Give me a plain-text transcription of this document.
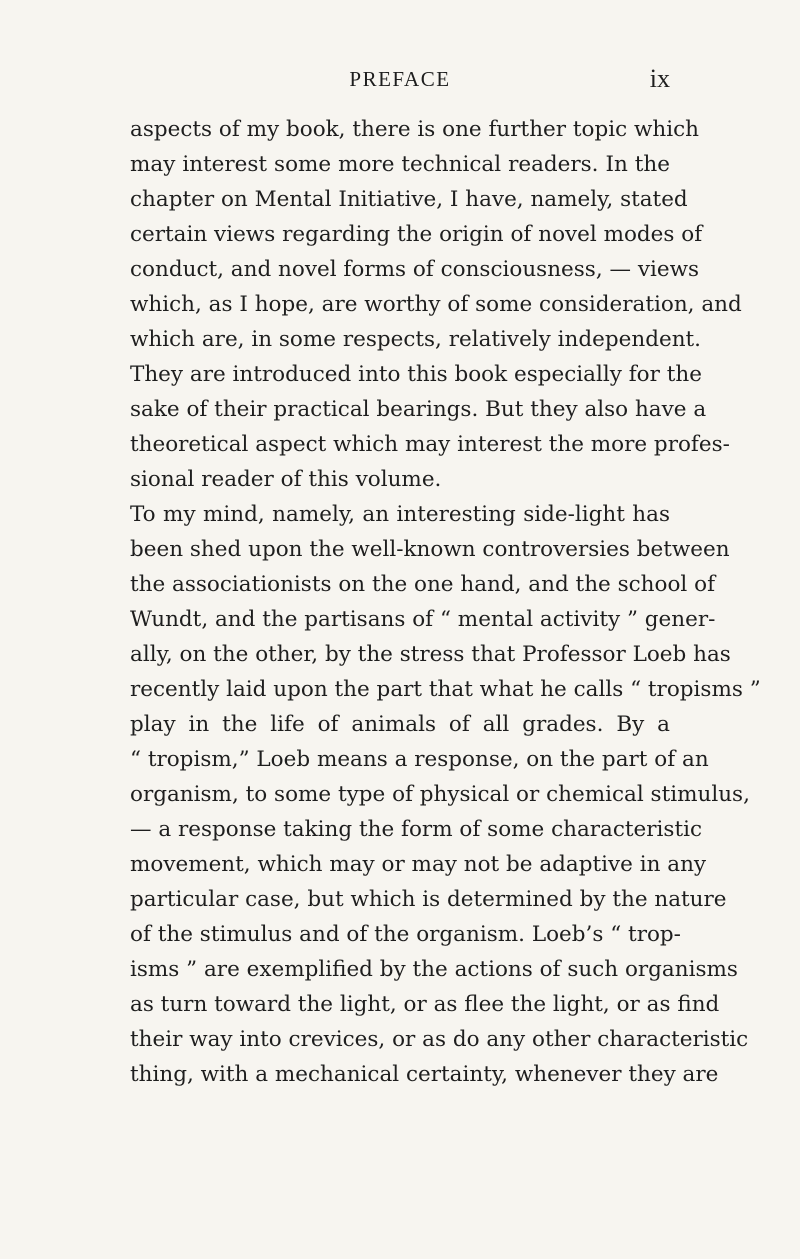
PREFACE	ix
aspects of my book, there is one further topic which
may interest some more technical readers. In the
chapter on Mental Initiative, I have, namely, stated
certain views regarding the origin of novel modes of
conduct, and novel forms of consciousness, — views
which, as I hope, are worthy of some consideration, and
which are, in some respects, relatively independent.
They are introduced into this book especially for the
sake of their practical bearings. But they also have a
theoretical aspect which may interest the more profes-
sional reader of this volume.
To my mind, namely, an interesting side-light has
been shed upon the well-known controversies between
the associationists on the one hand, and the school of
Wundt, and the partisans of “ mental activity ” gener-
ally, on the other, by the stress that Professor Loeb has
recently laid upon the part that what he calls “ tropisms ”
play in the life of animals of all grades. By a
“ tropism,” Loeb means a response, on the part of an
organism, to some type of physical or chemical stimulus,
— a response taking the form of some characteristic
movement, which may or may not be adaptive in any
particular case, but which is determined by the nature
of the stimulus and of the organism. Loeb’s “ trop-
isms ” are exemplified by the actions of such organisms
as turn toward the light, or as flee the light, or as find
their way into crevices, or as do any other characteristic
thing, with a mechanical certainty, whenever they are
